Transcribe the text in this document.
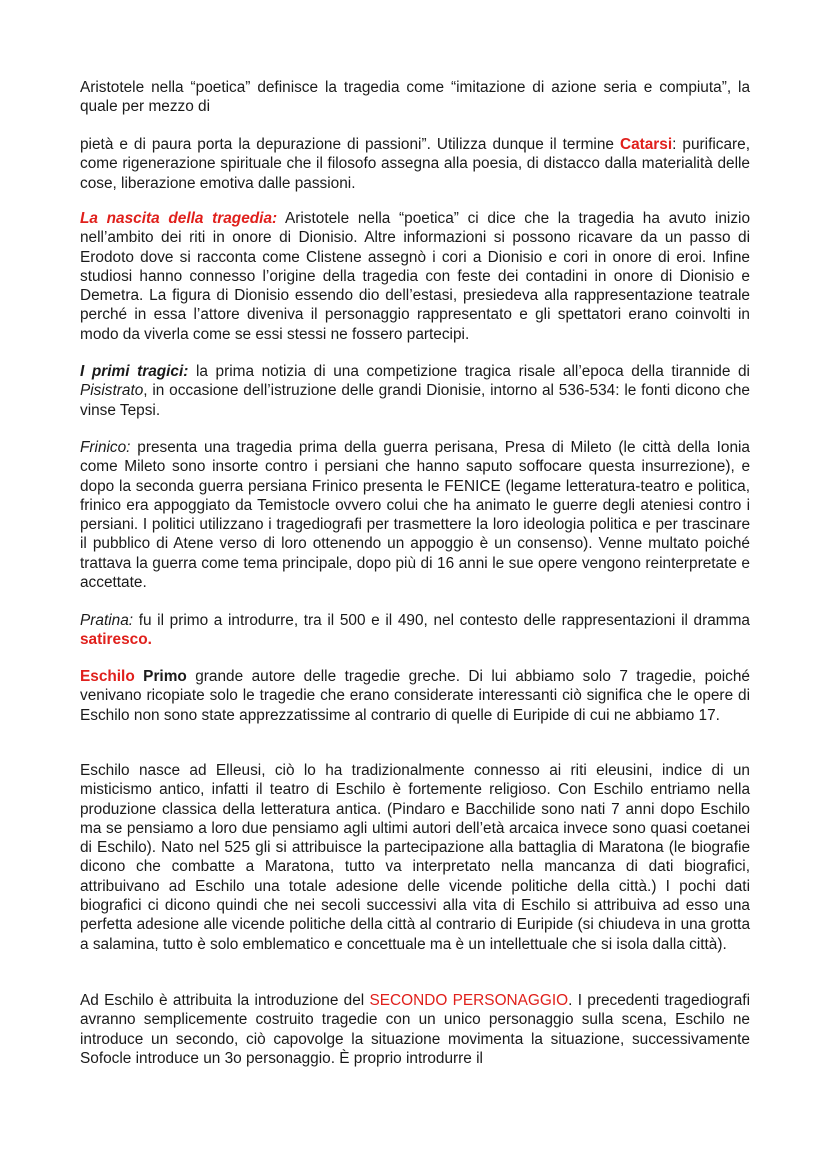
Aristotele nella “poetica” definisce la tragedia come “imitazione di azione seria e compiuta”, la quale per mezzo di

pietà e di paura porta la depurazione di passioni”. Utilizza dunque il termine Catarsi: purificare, come rigenerazione spirituale che il filosofo assegna alla poesia, di distacco dalla materialità delle cose, liberazione emotiva dalle passioni.

La nascita della tragedia: Aristotele nella “poetica” ci dice che la tragedia ha avuto inizio nell’ambito dei riti in onore di Dionisio. Altre informazioni si possono ricavare da un passo di Erodoto dove si racconta come Clistene assegnò i cori a Dionisio e cori in onore di eroi. Infine studiosi hanno connesso l’origine della tragedia con feste dei contadini in onore di Dionisio e Demetra. La figura di Dionisio essendo dio dell’estasi, presiedeva alla rappresentazione teatrale perché in essa l’attore diveniva il personaggio rappresentato e gli spettatori erano coinvolti in modo da viverla come se essi stessi ne fossero partecipi.

I primi tragici: la prima notizia di una competizione tragica risale all’epoca della tirannide di Pisistrato, in occasione dell’istruzione delle grandi Dionisie, intorno al 536-534: le fonti dicono che vinse Tepsi.

Frinico: presenta una tragedia prima della guerra perisana, Presa di Mileto (le città della Ionia come Mileto sono insorte contro i persiani che hanno saputo soffocare questa insurrezione), e dopo la seconda guerra persiana Frinico presenta le FENICE (legame letteratura-teatro e politica, frinico era appoggiato da Temistocle ovvero colui che ha animato le guerre degli ateniesi contro i persiani. I politici utilizzano i tragediografi per trasmettere la loro ideologia politica e per trascinare il pubblico di Atene verso di loro ottenendo un appoggio è un consenso). Venne multato poiché trattava la guerra come tema principale, dopo più di 16 anni le sue opere vengono reinterpretate e accettate.

Pratina: fu il primo a introdurre, tra il 500 e il 490, nel contesto delle rappresentazioni il dramma satiresco.

Eschilo Primo grande autore delle tragedie greche. Di lui abbiamo solo 7 tragedie, poiché venivano ricopiate solo le tragedie che erano considerate interessanti ciò significa che le opere di Eschilo non sono state apprezzatissime al contrario di quelle di Euripide di cui ne abbiamo 17.

Eschilo nasce ad Elleusi, ciò lo ha tradizionalmente connesso ai riti eleusini, indice di un misticismo antico, infatti il teatro di Eschilo è fortemente religioso. Con Eschilo entriamo nella produzione classica della letteratura antica. (Pindaro e Bacchilide sono nati 7 anni dopo Eschilo ma se pensiamo a loro due pensiamo agli ultimi autori dell’età arcaica invece sono quasi coetanei di Eschilo). Nato nel 525 gli si attribuisce la partecipazione alla battaglia di Maratona (le biografie dicono che combatte a Maratona, tutto va interpretato nella mancanza di dati biografici, attribuivano ad Eschilo una totale adesione delle vicende politiche della città.) I pochi dati biografici ci dicono quindi che nei secoli successivi alla vita di Eschilo si attribuiva ad esso una perfetta adesione alle vicende politiche della città al contrario di Euripide (si chiudeva in una grotta a salamina, tutto è solo emblematico e concettuale ma è un intellettuale che si isola dalla città).

Ad Eschilo è attribuita la introduzione del SECONDO PERSONAGGIO. I precedenti tragediografi avranno semplicemente costruito tragedie con un unico personaggio sulla scena, Eschilo ne introduce un secondo, ciò capovolge la situazione movimenta la situazione, successivamente Sofocle introduce un 3o personaggio. È proprio introdurre il
